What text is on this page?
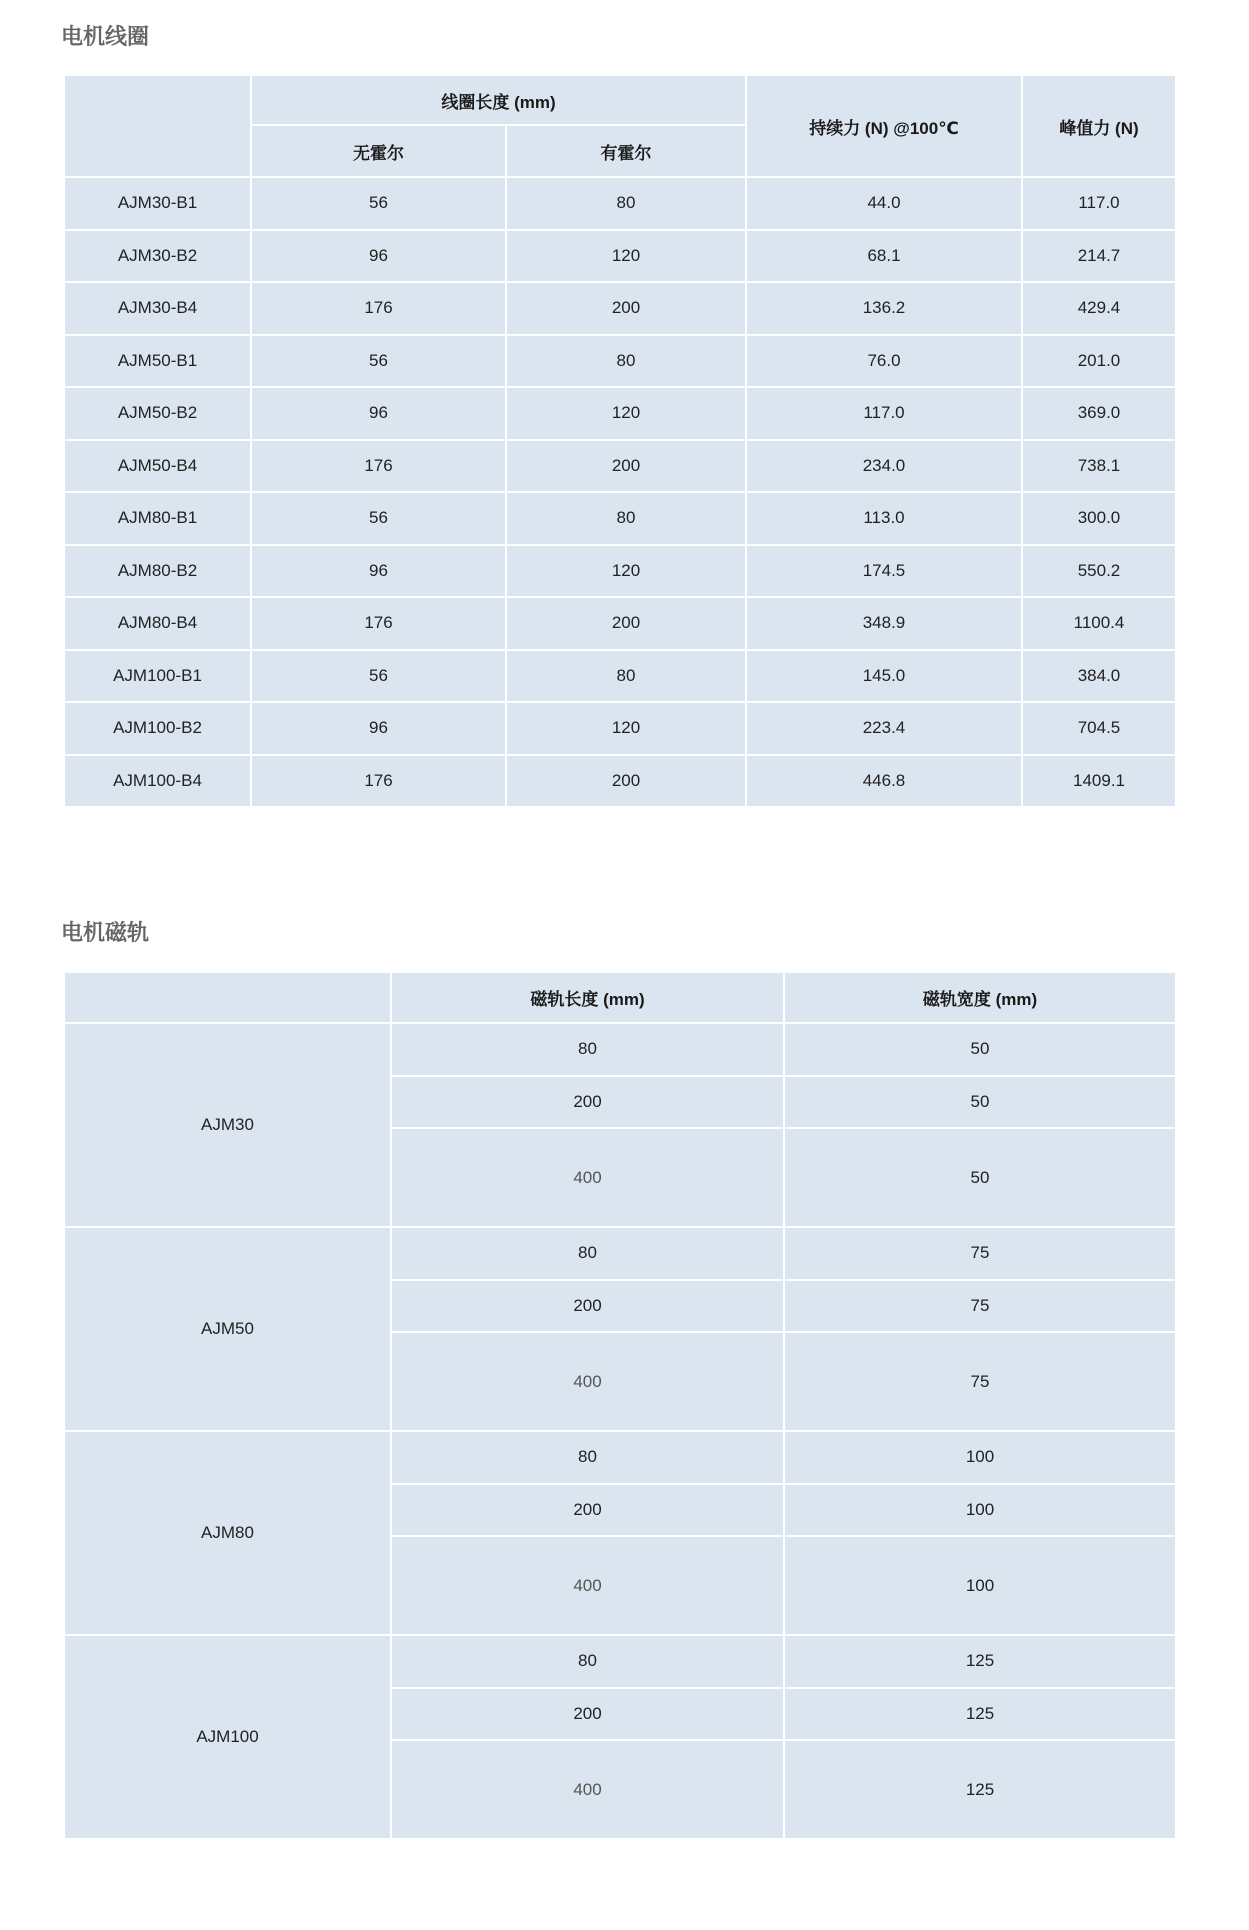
电机线圈
	线圈长度 (mm)		持续力 (N) @100℃	峰值力 (N)
	无霍尔	有霍尔		
AJM30-B1	56	80	44.0	117.0
AJM30-B2	96	120	68.1	214.7
AJM30-B4	176	200	136.2	429.4
AJM50-B1	56	80	76.0	201.0
AJM50-B2	96	120	117.0	369.0
AJM50-B4	176	200	234.0	738.1
AJM80-B1	56	80	113.0	300.0
AJM80-B2	96	120	174.5	550.2
AJM80-B4	176	200	348.9	1100.4
AJM100-B1	56	80	145.0	384.0
AJM100-B2	96	120	223.4	704.5
AJM100-B4	176	200	446.8	1409.1
电机磁轨
	磁轨长度 (mm)	磁轨宽度 (mm)
AJM30	80	50
	200	50
	400	50
AJM50	80	75
	200	75
	400	75
AJM80	80	100
	200	100
	400	100
AJM100	80	125
	200	125
	400	125
